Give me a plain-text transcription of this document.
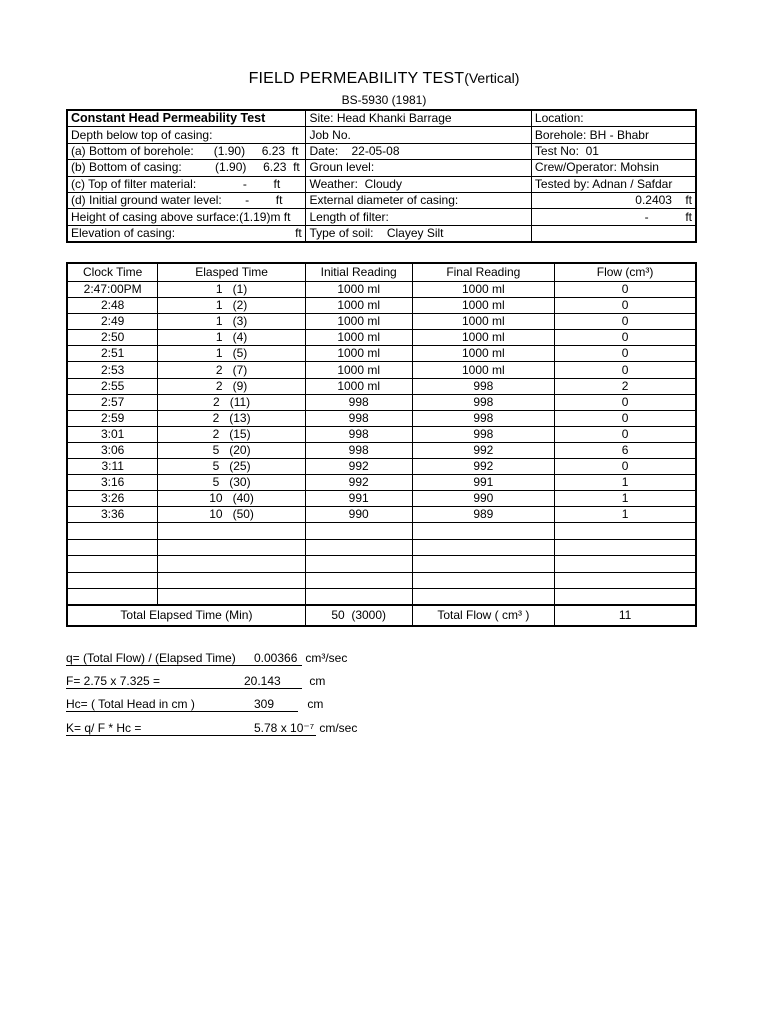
FIELD PERMEABILITY TEST(Vertical)
BS-5930 (1981)
Constant Head Permeability Test	Site: Head Khanki Barrage	Location:
Depth below top of casing:	Job No.	Borehole: BH - Bhabr
(a) Bottom of borehole:      (1.90)     6.23  ft	Date:    22-05-08	Test No:  01
(b) Bottom of casing:          (1.90)     6.23  ft	Groun level:	Crew/Operator: Mohsin
(c) Top of filter material:              -        ft	Weather:  Cloudy	Tested by: Adnan / Safdar
(d) Initial ground water level:       -        ft	External diameter of casing:	0.2403    ft
Height of casing above surface:(1.19)m ft	Length of filter:	-           ft
Elevation of casing:                                    ft	Type of soil:    Clayey Silt	
Clock Time	Elasped Time	Initial Reading	Final Reading	Flow (cm³)
2:47:00PM	1   (1)	1000 ml	1000 ml	0
2:48	1   (2)	1000 ml	1000 ml	0
2:49	1   (3)	1000 ml	1000 ml	0
2:50	1   (4)	1000 ml	1000 ml	0
2:51	1   (5)	1000 ml	1000 ml	0
2:53	2   (7)	1000 ml	1000 ml	0
2:55	2   (9)	1000 ml	998	2
2:57	2   (11)	998	998	0
2:59	2   (13)	998	998	0
3:01	2   (15)	998	998	0
3:06	5   (20)	998	992	6
3:11	5   (25)	992	992	0
3:16	5   (30)	992	991	1
3:26	10   (40)	991	990	1
3:36	10   (50)	990	989	1

Total Elapsed Time (Min)		50  (3000)	Total Flow ( cm³ )	11
q= (Total Flow) / (Elapsed Time) 0.00366 cm³/sec
F= 2.75 x 7.325 =	20.143 cm
Hc= ( Total Head in cm )	309	cm
K= q/ F * Hc =	5.78 x 10⁻⁷ cm/sec
